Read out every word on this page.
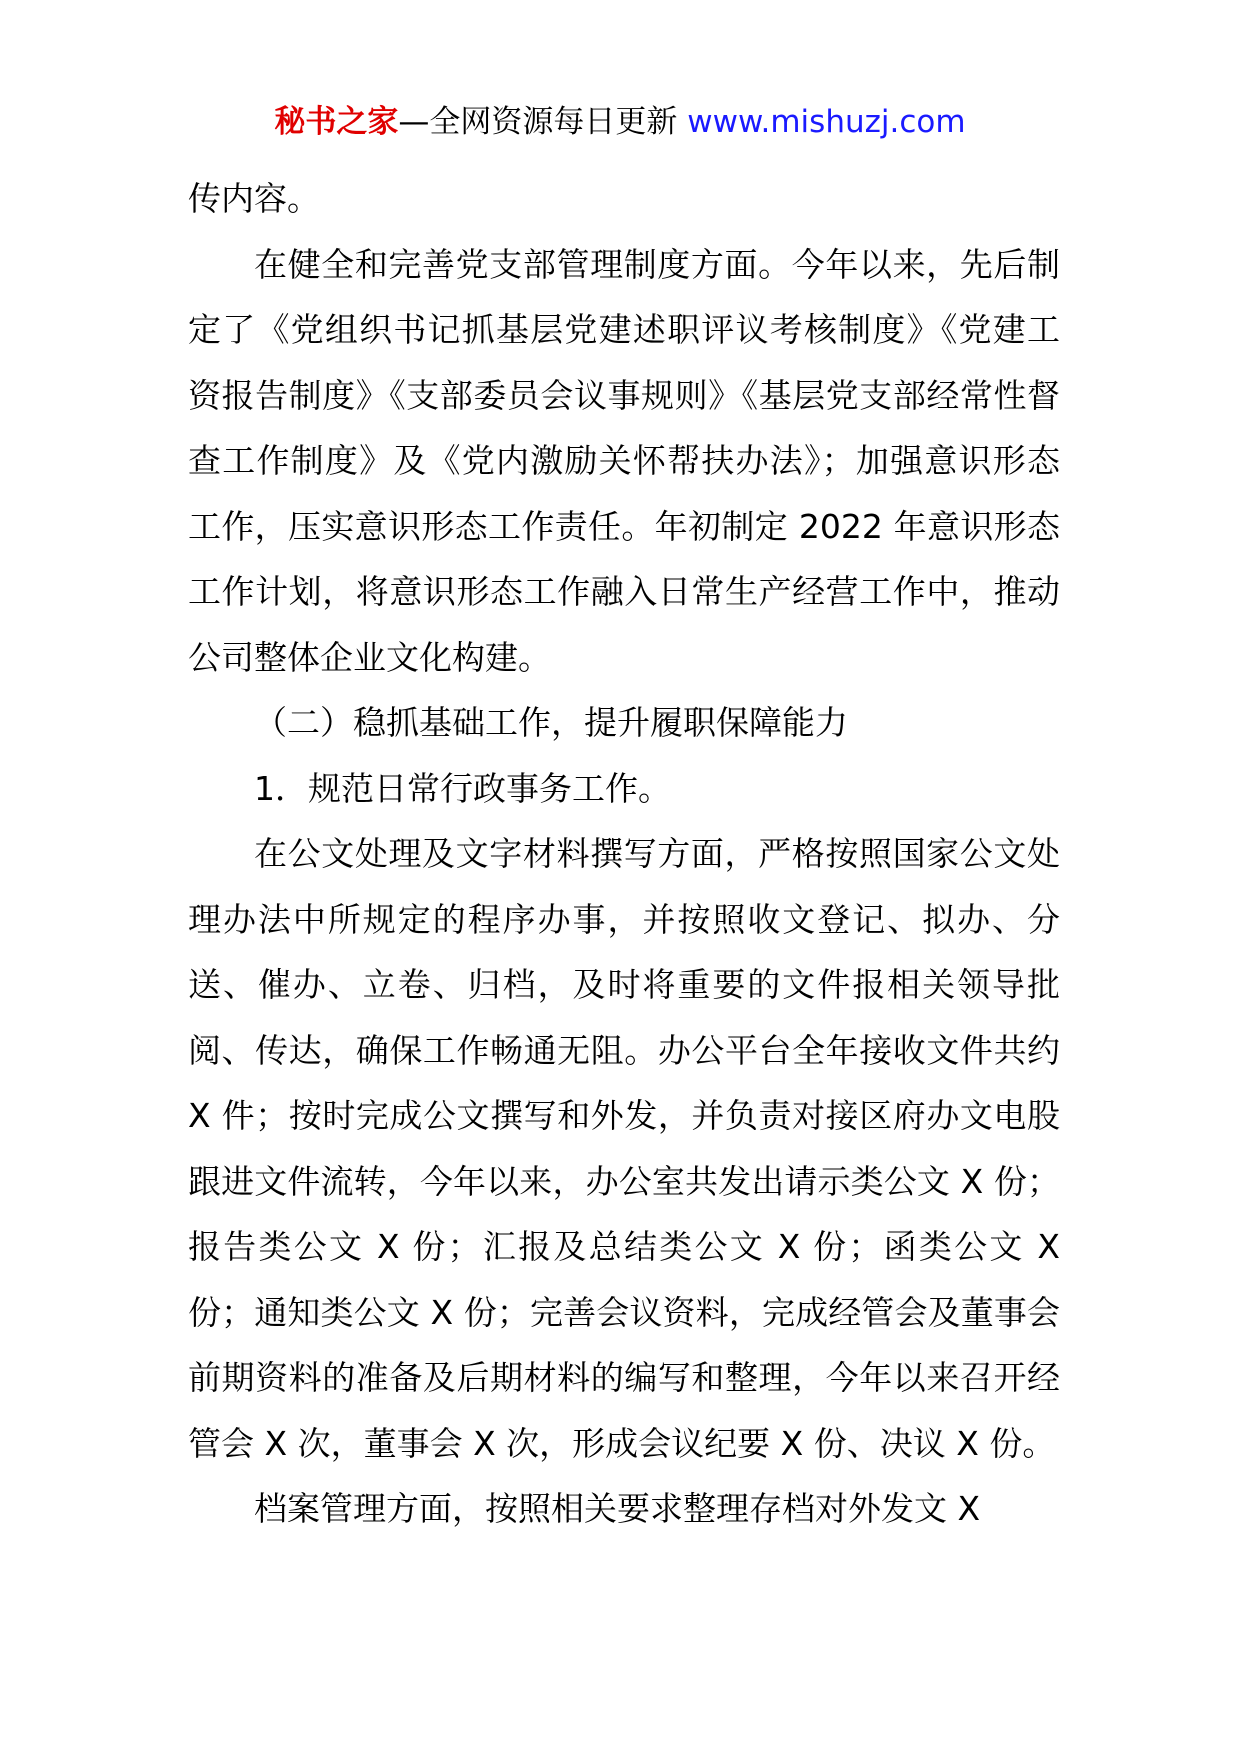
秘书之家—全网资源每日更新 www.mishuzj.com

传内容。

在健全和完善党支部管理制度方面。今年以来，先后制定了《党组织书记抓基层党建述职评议考核制度》《党建工资报告制度》《支部委员会议事规则》《基层党支部经常性督查工作制度》及《党内激励关怀帮扶办法》；加强意识形态工作，压实意识形态工作责任。年初制定 2022 年意识形态工作计划，将意识形态工作融入日常生产经营工作中，推动公司整体企业文化构建。

（二）稳抓基础工作，提升履职保障能力

1．规范日常行政事务工作。

在公文处理及文字材料撰写方面，严格按照国家公文处理办法中所规定的程序办事，并按照收文登记、拟办、分送、催办、立卷、归档，及时将重要的文件报相关领导批阅、传达，确保工作畅通无阻。办公平台全年接收文件共约 X 件；按时完成公文撰写和外发，并负责对接区府办文电股跟进文件流转，今年以来，办公室共发出请示类公文 X 份；报告类公文 X 份；汇报及总结类公文 X 份；函类公文 X 份；通知类公文 X 份；完善会议资料，完成经管会及董事会前期资料的准备及后期材料的编写和整理，今年以来召开经管会 X 次，董事会 X 次，形成会议纪要 X 份、决议 X 份。

档案管理方面，按照相关要求整理存档对外发文 X
